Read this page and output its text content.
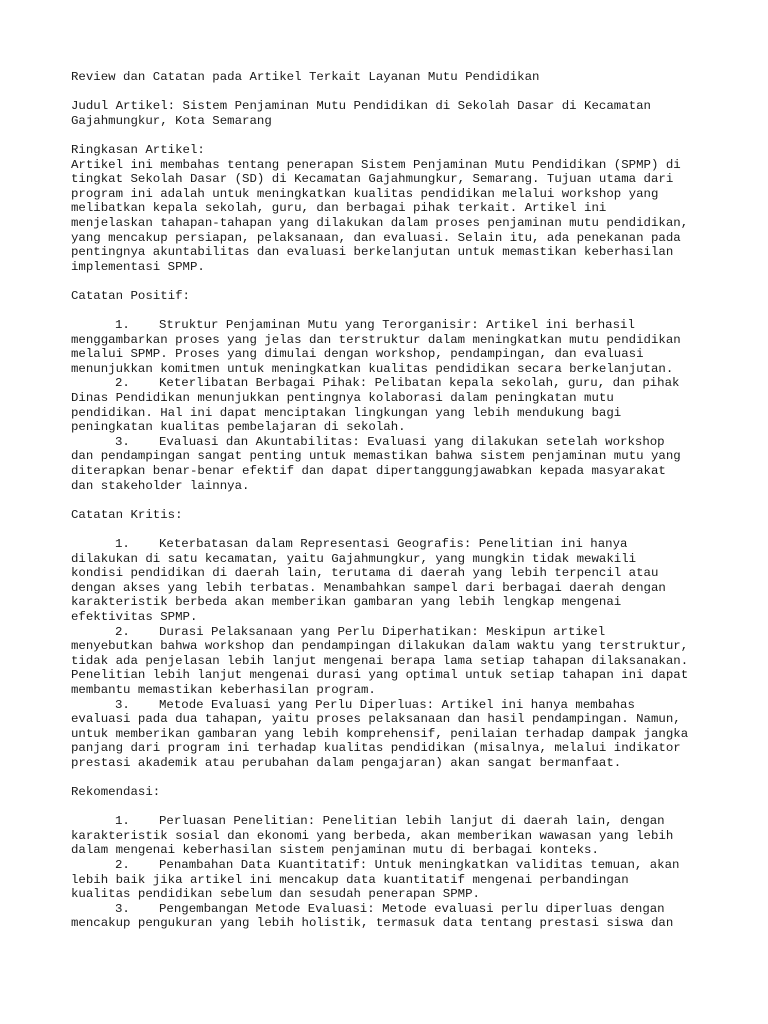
Review dan Catatan pada Artikel Terkait Layanan Mutu Pendidikan
Judul Artikel: Sistem Penjaminan Mutu Pendidikan di Sekolah Dasar di Kecamatan
Gajahmungkur, Kota Semarang
Ringkasan Artikel:
Artikel ini membahas tentang penerapan Sistem Penjaminan Mutu Pendidikan (SPMP) di
tingkat Sekolah Dasar (SD) di Kecamatan Gajahmungkur, Semarang. Tujuan utama dari
program ini adalah untuk meningkatkan kualitas pendidikan melalui workshop yang
melibatkan kepala sekolah, guru, dan berbagai pihak terkait. Artikel ini
menjelaskan tahapan-tahapan yang dilakukan dalam proses penjaminan mutu pendidikan,
yang mencakup persiapan, pelaksanaan, dan evaluasi. Selain itu, ada penekanan pada
pentingnya akuntabilitas dan evaluasi berkelanjutan untuk memastikan keberhasilan
implementasi SPMP.
Catatan Positif:
1. Struktur Penjaminan Mutu yang Terorganisir: Artikel ini berhasil
menggambarkan proses yang jelas dan terstruktur dalam meningkatkan mutu pendidikan
melalui SPMP. Proses yang dimulai dengan workshop, pendampingan, dan evaluasi
menunjukkan komitmen untuk meningkatkan kualitas pendidikan secara berkelanjutan.
2. Keterlibatan Berbagai Pihak: Pelibatan kepala sekolah, guru, dan pihak
Dinas Pendidikan menunjukkan pentingnya kolaborasi dalam peningkatan mutu
pendidikan. Hal ini dapat menciptakan lingkungan yang lebih mendukung bagi
peningkatan kualitas pembelajaran di sekolah.
3. Evaluasi dan Akuntabilitas: Evaluasi yang dilakukan setelah workshop
dan pendampingan sangat penting untuk memastikan bahwa sistem penjaminan mutu yang
diterapkan benar-benar efektif dan dapat dipertanggungjawabkan kepada masyarakat
dan stakeholder lainnya.
Catatan Kritis:
1. Keterbatasan dalam Representasi Geografis: Penelitian ini hanya
dilakukan di satu kecamatan, yaitu Gajahmungkur, yang mungkin tidak mewakili
kondisi pendidikan di daerah lain, terutama di daerah yang lebih terpencil atau
dengan akses yang lebih terbatas. Menambahkan sampel dari berbagai daerah dengan
karakteristik berbeda akan memberikan gambaran yang lebih lengkap mengenai
efektivitas SPMP.
2. Durasi Pelaksanaan yang Perlu Diperhatikan: Meskipun artikel
menyebutkan bahwa workshop dan pendampingan dilakukan dalam waktu yang terstruktur,
tidak ada penjelasan lebih lanjut mengenai berapa lama setiap tahapan dilaksanakan.
Penelitian lebih lanjut mengenai durasi yang optimal untuk setiap tahapan ini dapat
membantu memastikan keberhasilan program.
3. Metode Evaluasi yang Perlu Diperluas: Artikel ini hanya membahas
evaluasi pada dua tahapan, yaitu proses pelaksanaan dan hasil pendampingan. Namun,
untuk memberikan gambaran yang lebih komprehensif, penilaian terhadap dampak jangka
panjang dari program ini terhadap kualitas pendidikan (misalnya, melalui indikator
prestasi akademik atau perubahan dalam pengajaran) akan sangat bermanfaat.
Rekomendasi:
1. Perluasan Penelitian: Penelitian lebih lanjut di daerah lain, dengan
karakteristik sosial dan ekonomi yang berbeda, akan memberikan wawasan yang lebih
dalam mengenai keberhasilan sistem penjaminan mutu di berbagai konteks.
2. Penambahan Data Kuantitatif: Untuk meningkatkan validitas temuan, akan
lebih baik jika artikel ini mencakup data kuantitatif mengenai perbandingan
kualitas pendidikan sebelum dan sesudah penerapan SPMP.
3. Pengembangan Metode Evaluasi: Metode evaluasi perlu diperluas dengan
mencakup pengukuran yang lebih holistik, termasuk data tentang prestasi siswa dan
